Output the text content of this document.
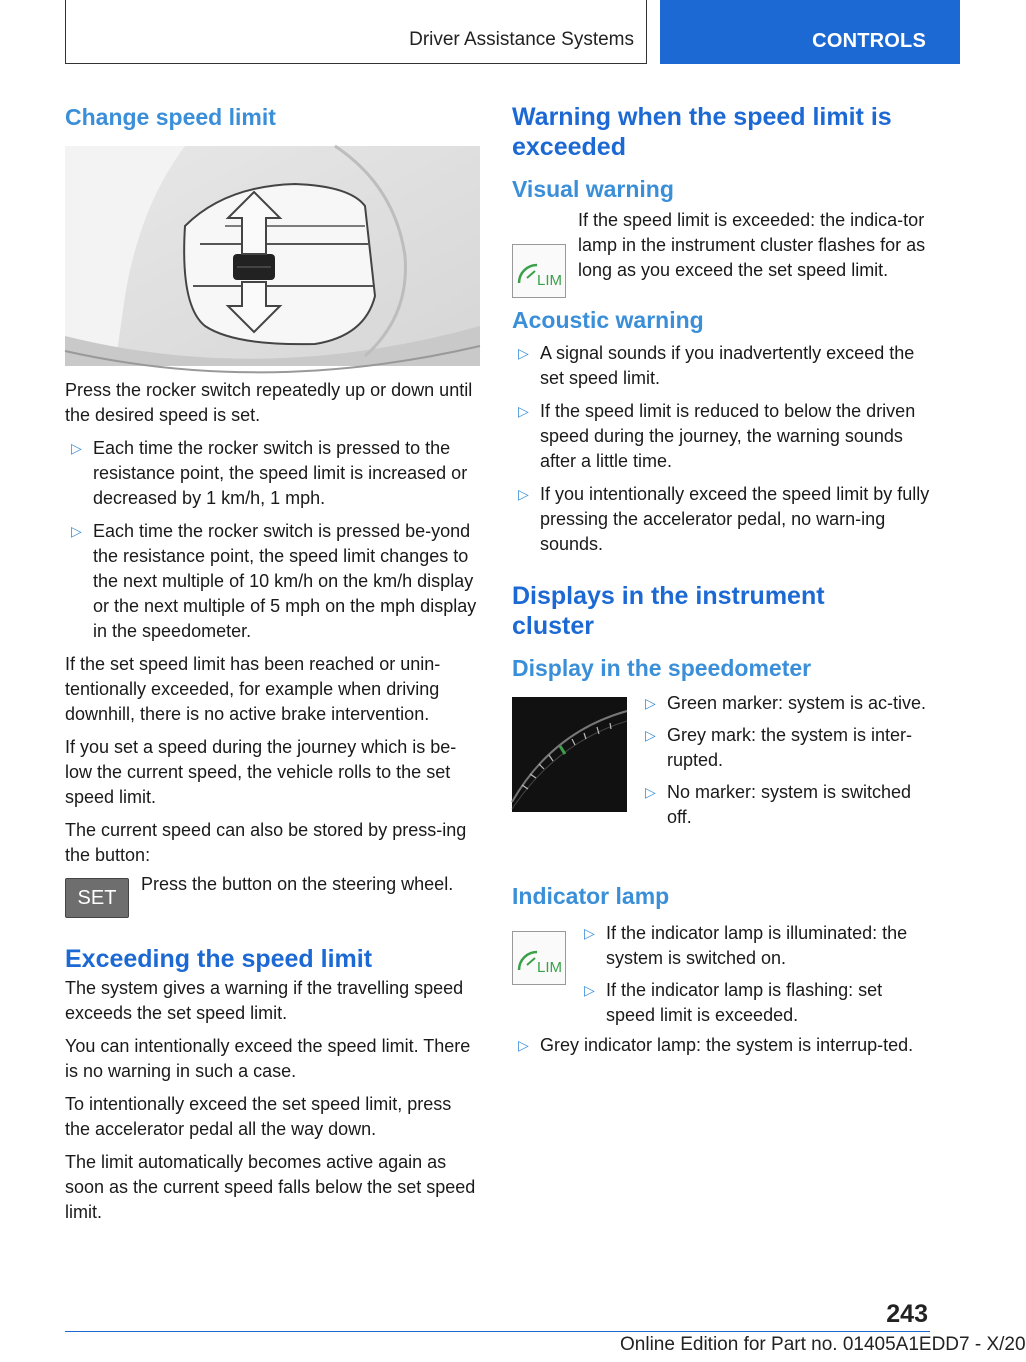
Driver Assistance Systems	CONTROLS
Change speed limit

Press the rocker switch repeatedly up or down until the desired speed is set.

▷ Each time the rocker switch is pressed to the resistance point, the speed limit is increased or decreased by 1 km/h, 1 mph.
▷ Each time the rocker switch is pressed be-yond the resistance point, the speed limit changes to the next multiple of 10 km/h on the km/h display or the next multiple of 5 mph on the mph display in the speedometer.

If the set speed limit has been reached or unin-tentionally exceeded, for example when driving downhill, there is no active brake intervention.

If you set a speed during the journey which is be-low the current speed, the vehicle rolls to the set speed limit.

The current speed can also be stored by press-ing the button:

SET

Press the button on the steering wheel.

Exceeding the speed limit

The system gives a warning if the travelling speed exceeds the set speed limit.

You can intentionally exceed the speed limit. There is no warning in such a case.

To intentionally exceed the set speed limit, press the accelerator pedal all the way down.

The limit automatically becomes active again as soon as the current speed falls below the set speed limit.

Warning when the speed limit is exceeded
Visual warning
LIM

If the speed limit is exceeded: the indica-tor lamp in the instrument cluster flashes for as long as you exceed the set speed limit.

Acoustic warning
▷ A signal sounds if you inadvertently exceed the set speed limit.
▷ If the speed limit is reduced to below the driven speed during the journey, the warning sounds after a little time.
▷ If you intentionally exceed the speed limit by fully pressing the accelerator pedal, no warn-ing sounds.
Displays in the instrument cluster
Display in the speedometer
▷ Green marker: system is ac-tive.
▷ Grey mark: the system is inter-rupted.
▷ No marker: system is switched off.
Indicator lamp
LIM
▷ If the indicator lamp is illuminated: the system is switched on.
▷ If the indicator lamp is flashing: set speed limit is exceeded.
▷ Grey indicator lamp: the system is interrup-ted.
243
Online Edition for Part no. 01405A1EDD7 - X/20
